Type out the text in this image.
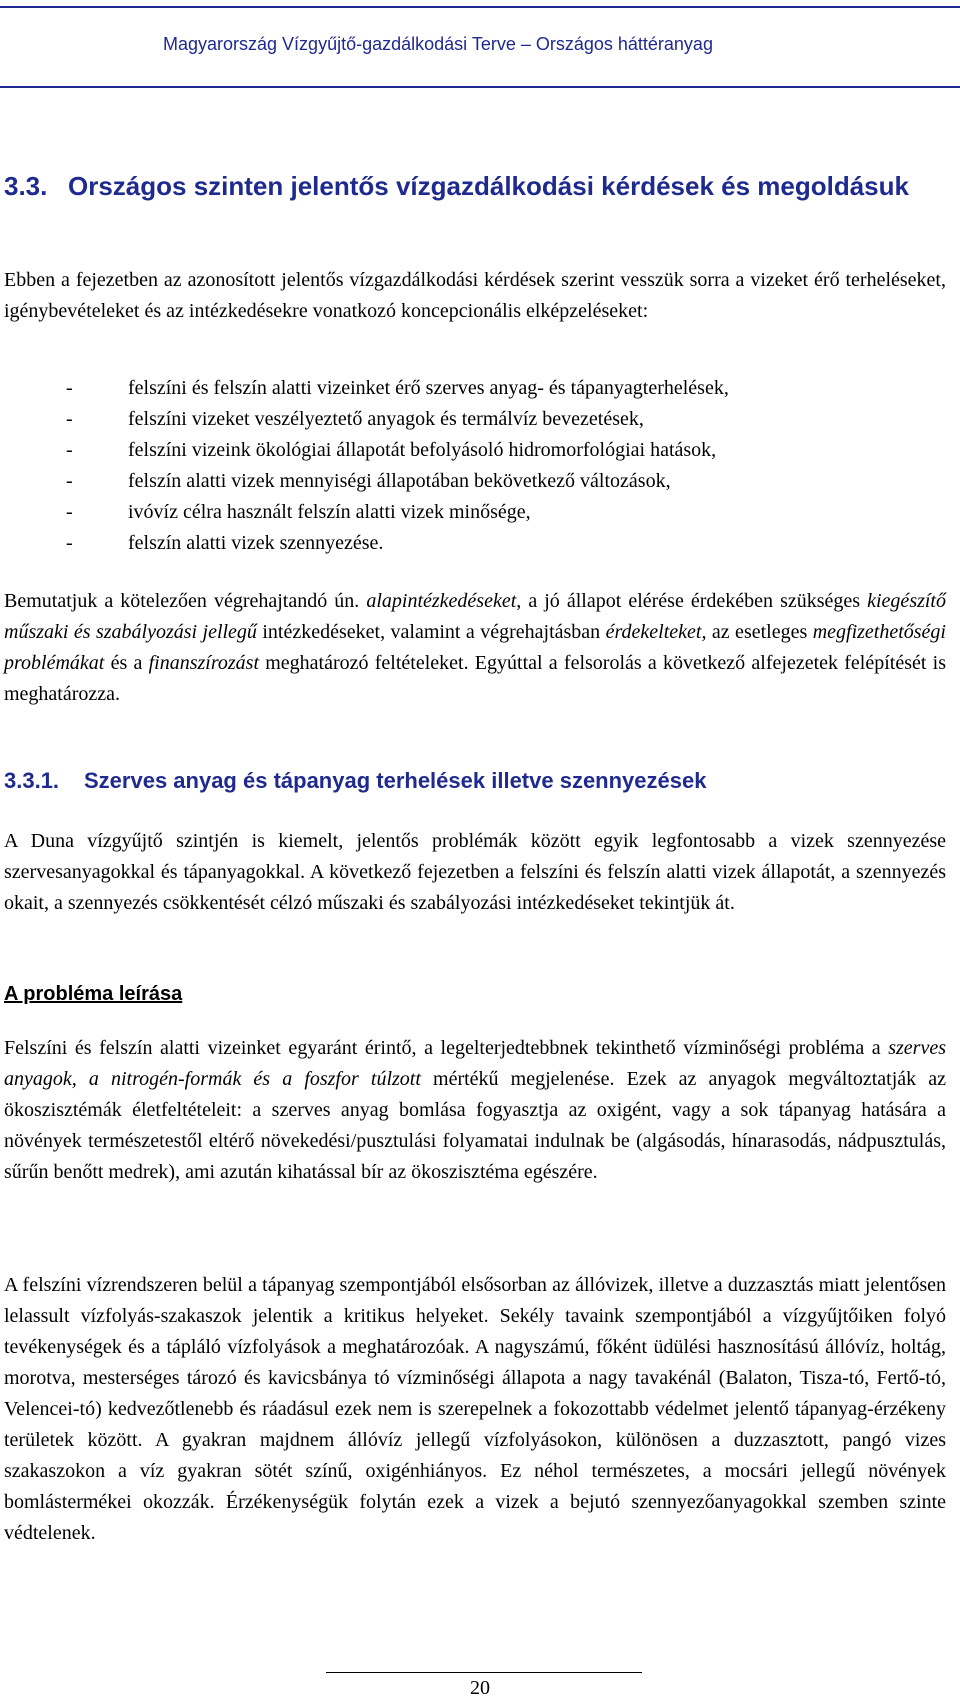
Magyarország Vízgyűjtő-gazdálkodási Terve – Országos háttéranyag
3.3. Országos szinten jelentős vízgazdálkodási kérdések és megoldásuk

Ebben a fejezetben az azonosított jelentős vízgazdálkodási kérdések szerint vesszük sorra a vizeket érő terheléseket, igénybevételeket és az intézkedésekre vonatkozó koncepcionális elképzeléseket:

-	felszíni és felszín alatti vizeinket érő szerves anyag- és tápanyagterhelések,
-	felszíni vizeket veszélyeztető anyagok és termálvíz bevezetések,
-	felszíni vizeink ökológiai állapotát befolyásoló hidromorfológiai hatások,
-	felszín alatti vizek mennyiségi állapotában bekövetkező változások,
-	ivóvíz célra használt felszín alatti vizek minősége,
-	felszín alatti vizek szennyezése.

Bemutatjuk a kötelezően végrehajtandó ún. alapintézkedéseket, a jó állapot elérése érdekében szükséges kiegészítő műszaki és szabályozási jellegű intézkedéseket, valamint a végrehajtásban érdekelteket, az esetleges megfizethetőségi problémákat és a finanszírozást meghatározó feltételeket. Egyúttal a felsorolás a következő alfejezetek felépítését is meghatározza.

3.3.1. Szerves anyag és tápanyag terhelések illetve szennyezések

A Duna vízgyűjtő szintjén is kiemelt, jelentős problémák között egyik legfontosabb a vizek szennyezése szervesanyagokkal és tápanyagokkal. A következő fejezetben a felszíni és felszín alatti vizek állapotát, a szennyezés okait, a szennyezés csökkentését célzó műszaki és szabályozási intézkedéseket tekintjük át.

A probléma leírása

Felszíni és felszín alatti vizeinket egyaránt érintő, a legelterjedtebbnek tekinthető vízminőségi probléma a szerves anyagok, a nitrogén-formák és a foszfor túlzott mértékű megjelenése. Ezek az anyagok megváltoztatják az ökoszisztémák életfeltételeit: a szerves anyag bomlása fogyasztja az oxigént, vagy a sok tápanyag hatására a növények természetestől eltérő növekedési/pusztulási folyamatai indulnak be (algásodás, hínarasodás, nádpusztulás, sűrűn benőtt medrek), ami azután kihatással bír az ökoszisztéma egészére.

A felszíni vízrendszeren belül a tápanyag szempontjából elsősorban az állóvizek, illetve a duzzasztás miatt jelentősen lelassult vízfolyás-szakaszok jelentik a kritikus helyeket. Sekély tavaink szempontjából a vízgyűjtőiken folyó tevékenységek és a tápláló vízfolyások a meghatározóak. A nagyszámú, főként üdülési hasznosítású állóvíz, holtág, morotva, mesterséges tározó és kavicsbánya tó vízminőségi állapota a nagy tavakénál (Balaton, Tisza-tó, Fertő-tó, Velencei-tó) kedvezőtlenebb és ráadásul ezek nem is szerepelnek a fokozottabb védelmet jelentő tápanyag-érzékeny területek között. A gyakran majdnem állóvíz jellegű vízfolyásokon, különösen a duzzasztott, pangó vizes szakaszokon a víz gyakran sötét színű, oxigénhiányos. Ez néhol természetes, a mocsári jellegű növények bomlástermékei okozzák. Érzékenységük folytán ezek a vizek a bejutó szennyezőanyagokkal szemben szinte védtelenek.

20
